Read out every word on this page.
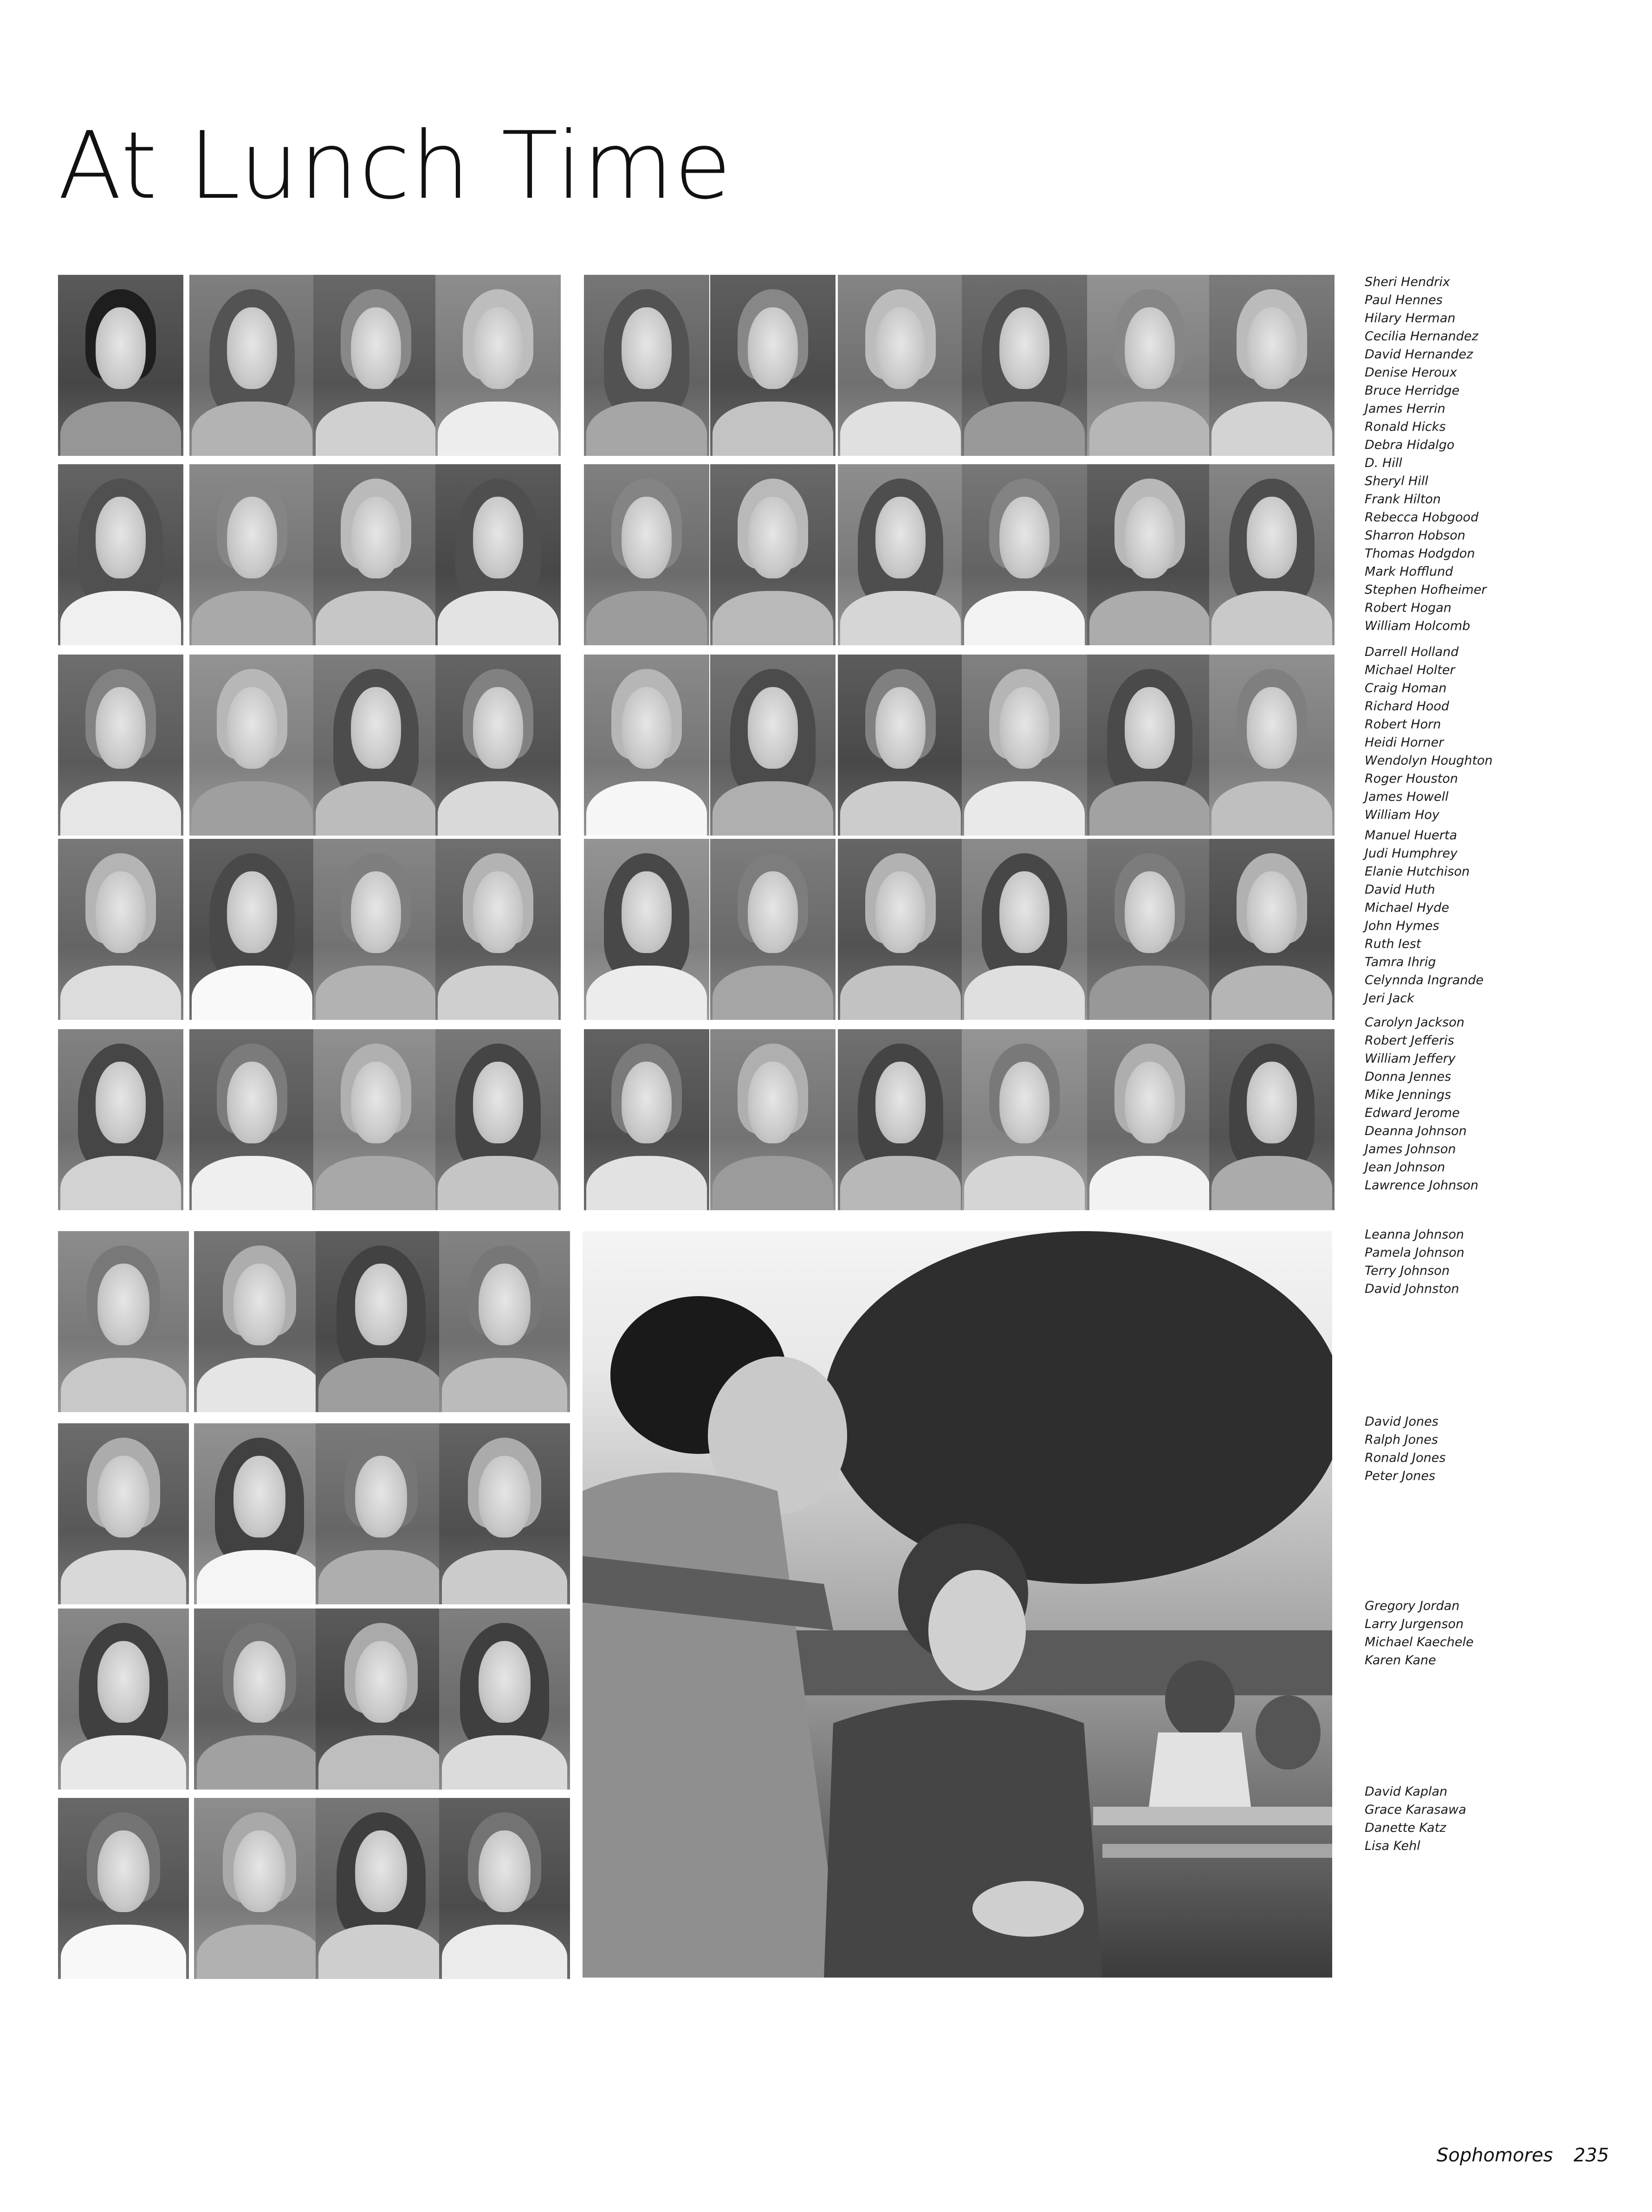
At Lunch Time
Sheri Hendrix
Paul Hennes
Hilary Herman
Cecilia Hernandez
David Hernandez
Denise Heroux
Bruce Herridge
James Herrin
Ronald Hicks
Debra Hidalgo
D. Hill
Sheryl Hill
Frank Hilton
Rebecca Hobgood
Sharron Hobson
Thomas Hodgdon
Mark Hofflund
Stephen Hofheimer
Robert Hogan
William Holcomb
Darrell Holland
Michael Holter
Craig Homan
Richard Hood
Robert Horn
Heidi Horner
Wendolyn Houghton
Roger Houston
James Howell
William Hoy
Manuel Huerta
Judi Humphrey
Elanie Hutchison
David Huth
Michael Hyde
John Hymes
Ruth Iest
Tamra Ihrig
Celynnda Ingrande
Jeri Jack
Carolyn Jackson
Robert Jefferis
William Jeffery
Donna Jennes
Mike Jennings
Edward Jerome
Deanna Johnson
James Johnson
Jean Johnson
Lawrence Johnson
Leanna Johnson
Pamela Johnson
Terry Johnson
David Johnston
David Jones
Ralph Jones
Ronald Jones
Peter Jones
Gregory Jordan
Larry Jurgenson
Michael Kaechele
Karen Kane
David Kaplan
Grace Karasawa
Danette Katz
Lisa Kehl
Sophomores 235
